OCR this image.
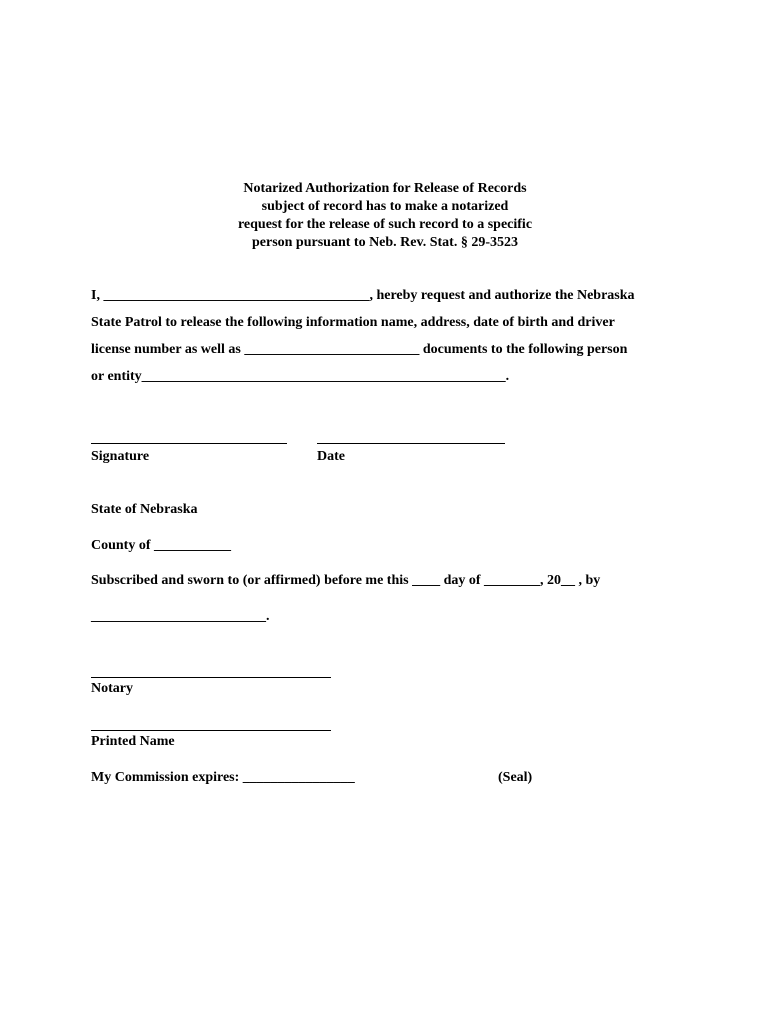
Notarized Authorization for Release of Records
subject of record has to make a notarized
request for the release of such record to a specific
person pursuant to Neb. Rev. Stat. § 29-3523
I, ______________________________________, hereby request and authorize the Nebraska
State Patrol to release the following information name, address, date of birth and driver
license number as well as _________________________ documents to the following person
or entity____________________________________________________.
Signature	Date
State of Nebraska
County of ___________
Subscribed and sworn to (or affirmed) before me this ____ day of ________, 20__ , by
_________________________.
Notary
Printed Name
My Commission expires: ________________	(Seal)
